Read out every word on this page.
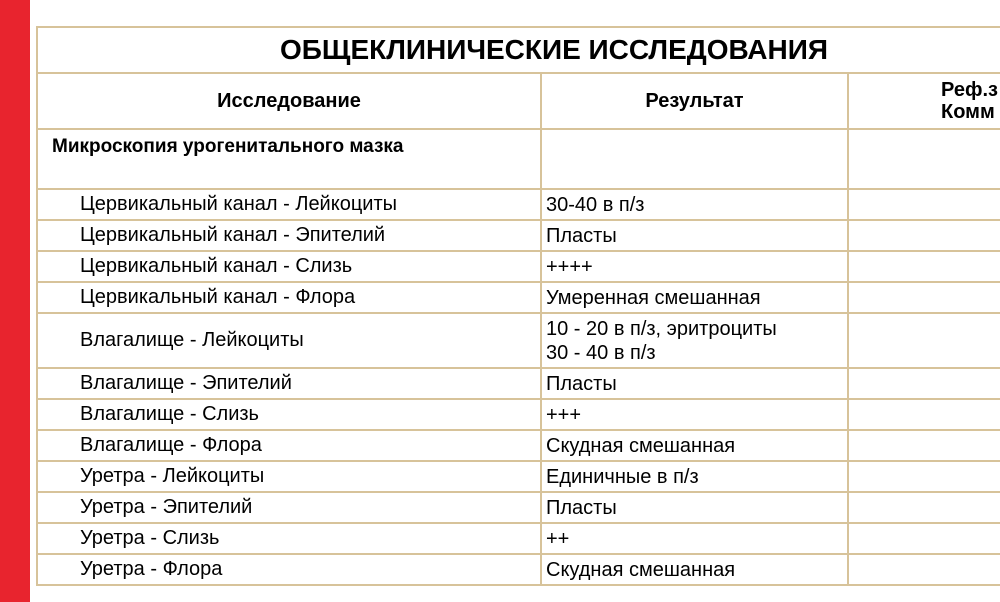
ОБЩЕКЛИНИЧЕСКИЕ ИССЛЕДОВАНИЯ		
Исследование	Результат	Реф.з
Комм
Микроскопия урогенитального мазка		
Цервикальный канал - Лейкоциты	30-40 в п/з	
Цервикальный канал - Эпителий	Пласты	
Цервикальный канал - Слизь	++++	
Цервикальный канал - Флора	Умеренная смешанная	
Влагалище - Лейкоциты	10 - 20 в п/з, эритроциты
30 - 40 в п/з	
Влагалище - Эпителий	Пласты	
Влагалище - Слизь	+++	
Влагалище - Флора	Скудная смешанная	
Уретра - Лейкоциты	Единичные в п/з	
Уретра - Эпителий	Пласты	
Уретра - Слизь	++	
Уретра - Флора	Скудная смешанная	
